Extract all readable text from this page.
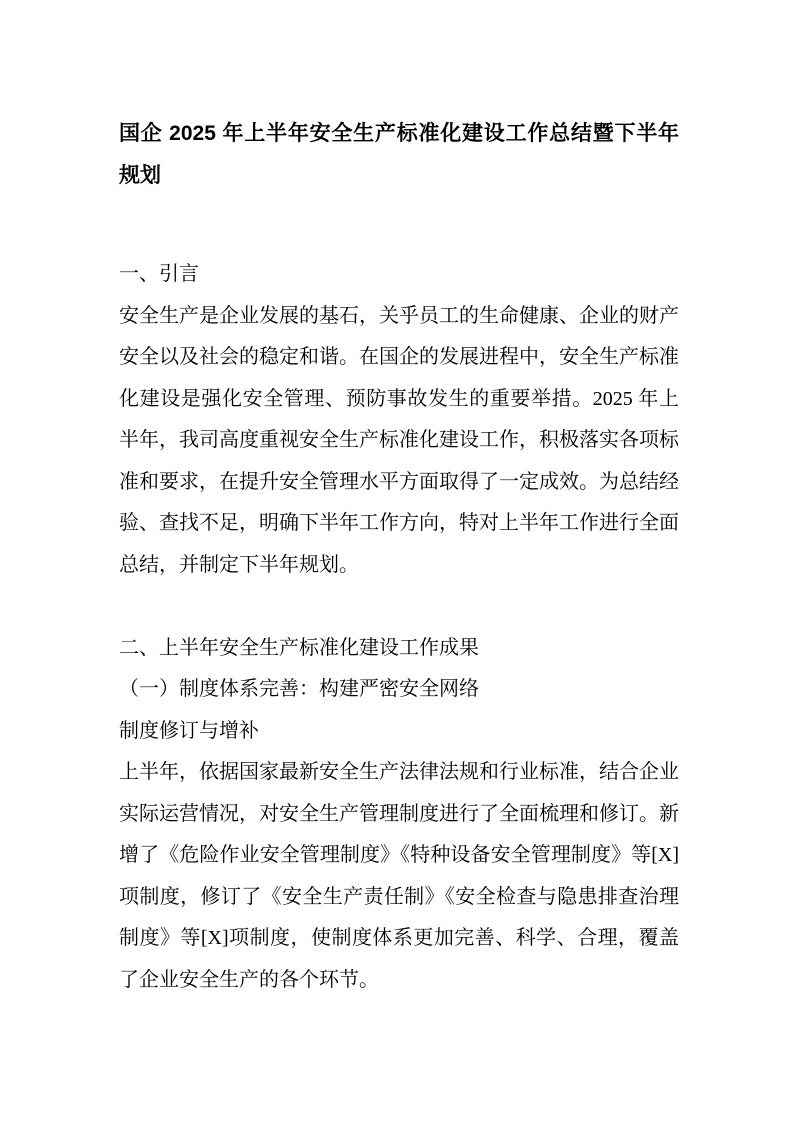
国企 2025 年上半年安全生产标准化建设工作总结暨下半年规划

一、引言

安全生产是企业发展的基石，关乎员工的生命健康、企业的财产安全以及社会的稳定和谐。在国企的发展进程中，安全生产标准化建设是强化安全管理、预防事故发生的重要举措。2025 年上半年，我司高度重视安全生产标准化建设工作，积极落实各项标准和要求，在提升安全管理水平方面取得了一定成效。为总结经验、查找不足，明确下半年工作方向，特对上半年工作进行全面总结，并制定下半年规划。

二、上半年安全生产标准化建设工作成果

（一）制度体系完善：构建严密安全网络

制度修订与增补

上半年，依据国家最新安全生产法律法规和行业标准，结合企业实际运营情况，对安全生产管理制度进行了全面梳理和修订。新增了《危险作业安全管理制度》《特种设备安全管理制度》等[X]项制度，修订了《安全生产责任制》《安全检查与隐患排查治理制度》等[X]项制度，使制度体系更加完善、科学、合理，覆盖了企业安全生产的各个环节。
